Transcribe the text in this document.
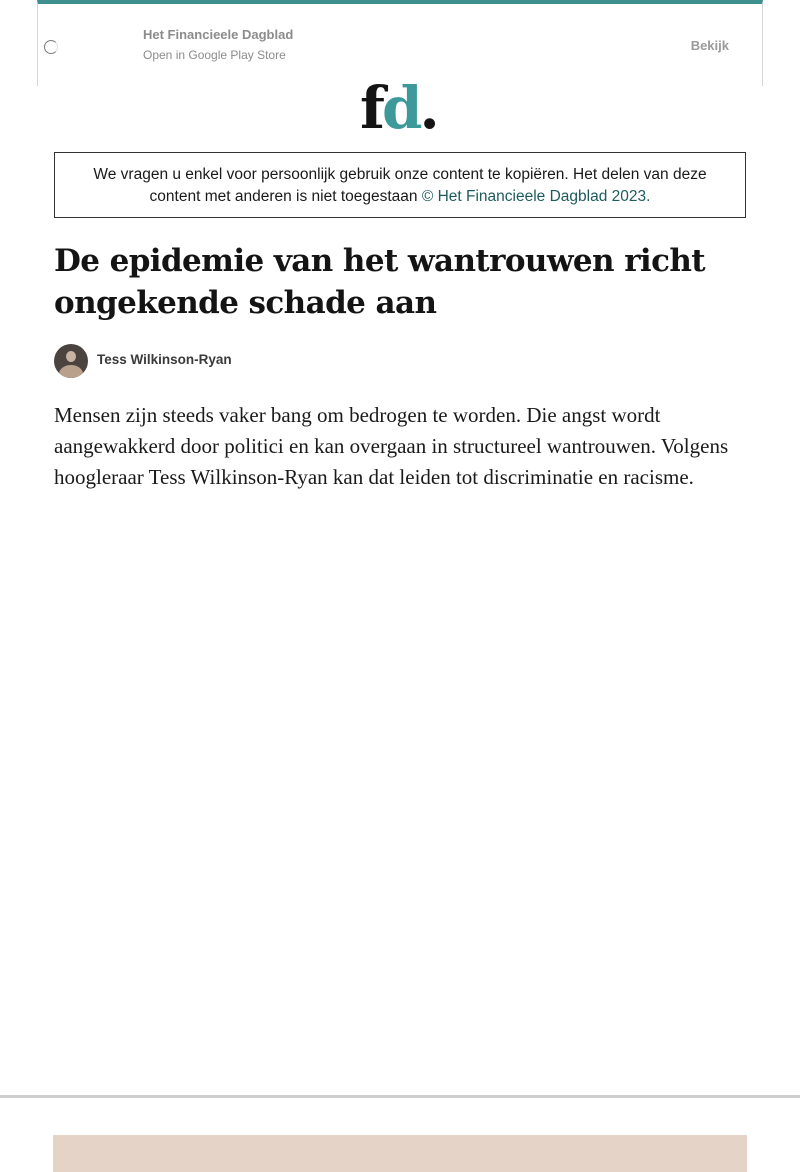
Het Financieele Dagblad
Open in Google Play Store
Bekijk
fd.
We vragen u enkel voor persoonlijk gebruik onze content te kopiëren. Het delen van deze content met anderen is niet toegestaan © Het Financieele Dagblad 2023.
De epidemie van het wantrouwen richt ongekende schade aan
Tess Wilkinson-Ryan

Mensen zijn steeds vaker bang om bedrogen te worden. Die angst wordt aangewakkerd door politici en kan overgaan in structureel wantrouwen. Volgens hoogleraar Tess Wilkinson-Ryan kan dat leiden tot discriminatie en racisme.
